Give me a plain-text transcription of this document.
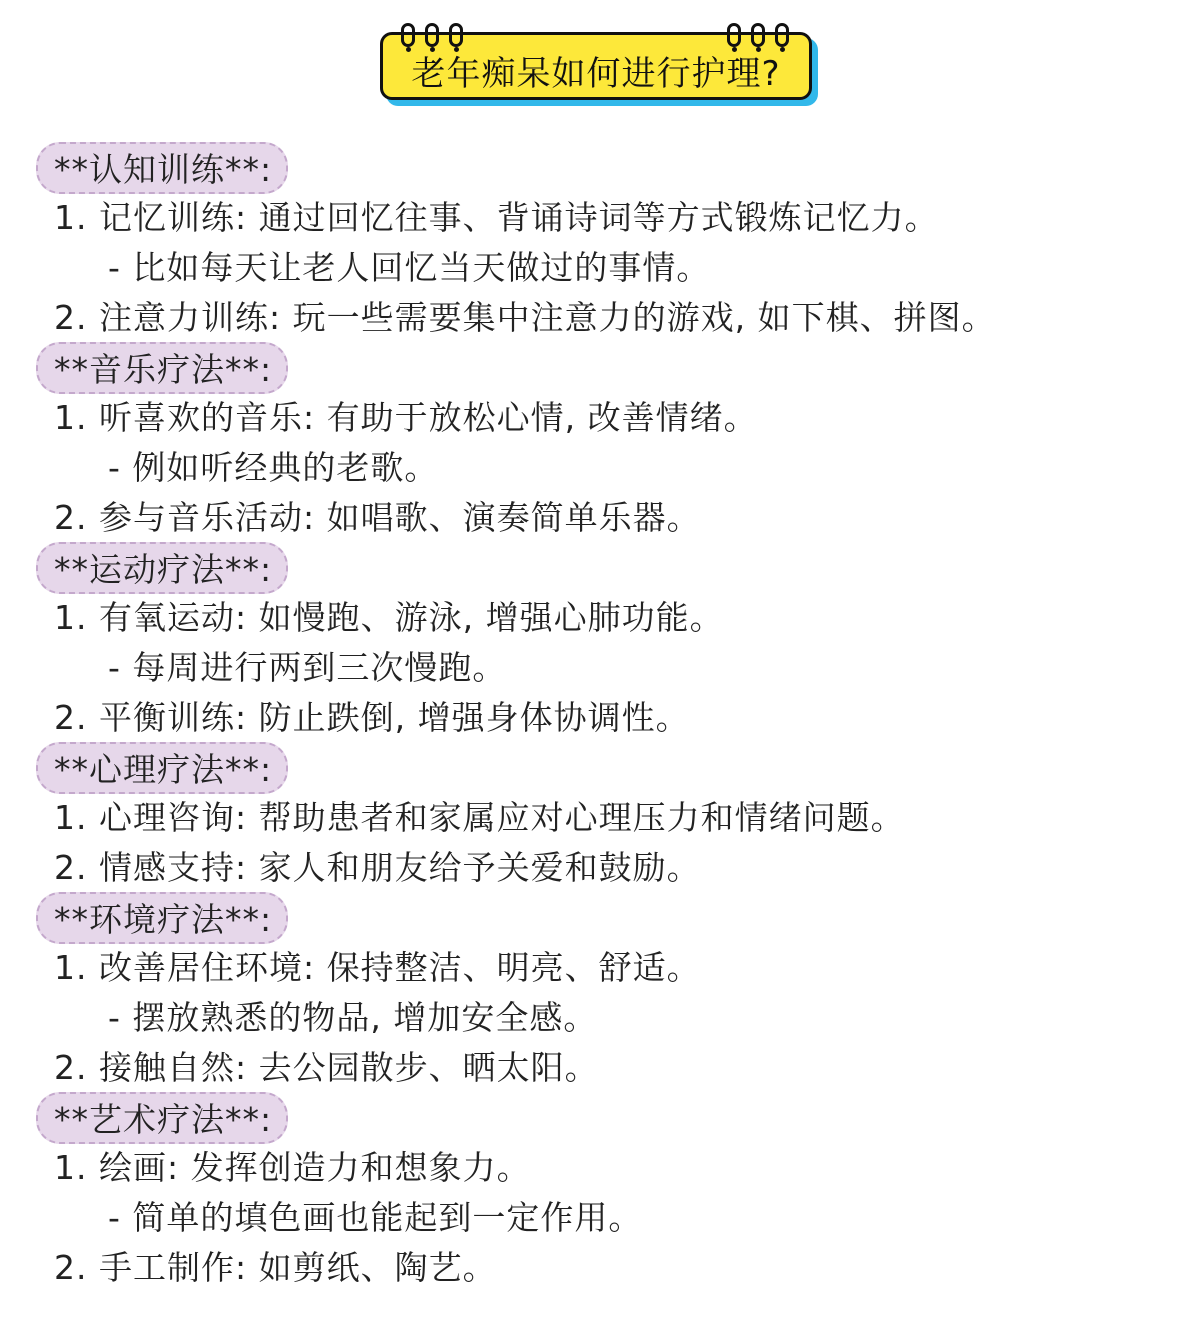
老年痴呆如何进行护理?
**认知训练**:
1. 记忆训练: 通过回忆往事、背诵诗词等方式锻炼记忆力。
- 比如每天让老人回忆当天做过的事情。
2. 注意力训练: 玩一些需要集中注意力的游戏, 如下棋、拼图。
**音乐疗法**:
1. 听喜欢的音乐: 有助于放松心情, 改善情绪。
- 例如听经典的老歌。
2. 参与音乐活动: 如唱歌、演奏简单乐器。
**运动疗法**:
1. 有氧运动: 如慢跑、游泳, 增强心肺功能。
- 每周进行两到三次慢跑。
2. 平衡训练: 防止跌倒, 增强身体协调性。
**心理疗法**:
1. 心理咨询: 帮助患者和家属应对心理压力和情绪问题。
2. 情感支持: 家人和朋友给予关爱和鼓励。
**环境疗法**:
1. 改善居住环境: 保持整洁、明亮、舒适。
- 摆放熟悉的物品, 增加安全感。
2. 接触自然: 去公园散步、晒太阳。
**艺术疗法**:
1. 绘画: 发挥创造力和想象力。
- 简单的填色画也能起到一定作用。
2. 手工制作: 如剪纸、陶艺。
